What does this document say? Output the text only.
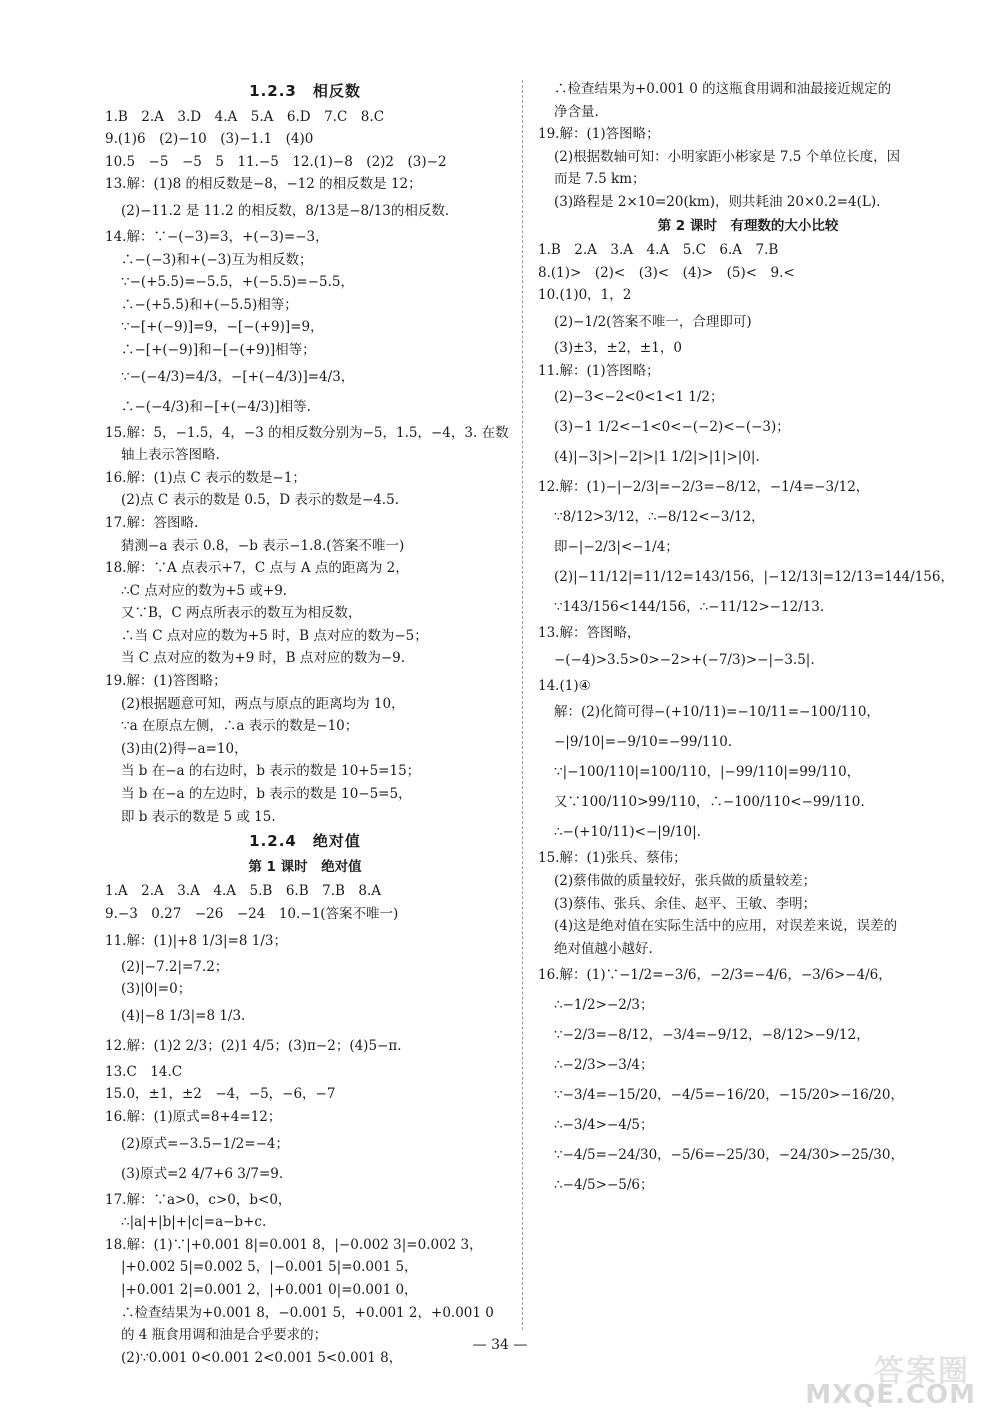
1.2.3　相反数
1.B　2.A　3.D　4.A　5.A　6.D　7.C　8.C
9.(1)6　(2)−10　(3)−1.1　(4)0
10.5　−5　−5　5　11.−5　12.(1)−8　(2)2　(3)−2
13.解：(1)8 的相反数是−8，−12 的相反数是 12；
(2)−11.2 是 11.2 的相反数，8/13是−8/13的相反数.
14.解：∵−(−3)=3，+(−3)=−3，
∴−(−3)和+(−3)互为相反数；
∵−(+5.5)=−5.5，+(−5.5)=−5.5，
∴−(+5.5)和+(−5.5)相等；
∵−[+(−9)]=9，−[−(+9)]=9，
∴−[+(−9)]和−[−(+9)]相等；
∵−(−4/3)=4/3，−[+(−4/3)]=4/3，
∴−(−4/3)和−[+(−4/3)]相等.
15.解：5，−1.5，4，−3 的相反数分别为−5，1.5，−4，3. 在数
轴上表示答图略.
16.解：(1)点 C 表示的数是−1；
(2)点 C 表示的数是 0.5，D 表示的数是−4.5.
17.解：答图略.
猜测−a 表示 0.8，−b 表示−1.8.(答案不唯一)
18.解：∵A 点表示+7，C 点与 A 点的距离为 2，
∴C 点对应的数为+5 或+9.
又∵B，C 两点所表示的数互为相反数，
∴当 C 点对应的数为+5 时，B 点对应的数为−5；
当 C 点对应的数为+9 时，B 点对应的数为−9.
19.解：(1)答图略；
(2)根据题意可知，两点与原点的距离均为 10，
∵a 在原点左侧，∴a 表示的数是−10；
(3)由(2)得−a=10，
当 b 在−a 的右边时，b 表示的数是 10+5=15；
当 b 在−a 的左边时，b 表示的数是 10−5=5，
即 b 表示的数是 5 或 15.
1.2.4　绝对值
第 1 课时　绝对值
1.A　2.A　3.A　4.A　5.B　6.B　7.B　8.A
9.−3　0.27　−26　−24　10.−1(答案不唯一)
11.解：(1)|+8 1/3|=8 1/3；
(2)|−7.2|=7.2；
(3)|0|=0；
(4)|−8 1/3|=8 1/3.
12.解：(1)2 2/3；(2)1 4/5；(3)π−2；(4)5−π.
13.C　14.C
15.0，±1，±2　−4，−5，−6，−7
16.解：(1)原式=8+4=12；
(2)原式=−3.5−1/2=−4；
(3)原式=2 4/7+6 3/7=9.
17.解：∵a>0，c>0，b<0，
∴|a|+|b|+|c|=a−b+c.
18.解：(1)∵|+0.001 8|=0.001 8，|−0.002 3|=0.002 3，
|+0.002 5|=0.002 5，|−0.001 5|=0.001 5，
|+0.001 2|=0.001 2，|+0.001 0|=0.001 0，
∴检查结果为+0.001 8，−0.001 5，+0.001 2，+0.001 0
的 4 瓶食用调和油是合乎要求的；
(2)∵0.001 0<0.001 2<0.001 5<0.001 8，
∴检查结果为+0.001 0 的这瓶食用调和油最接近规定的
净含量.
19.解：(1)答图略；
(2)根据数轴可知：小明家距小彬家是 7.5 个单位长度，因
而是 7.5 km；
(3)路程是 2×10=20(km)，则共耗油 20×0.2=4(L).
第 2 课时　有理数的大小比较
1.B　2.A　3.A　4.A　5.C　6.A　7.B
8.(1)>　(2)<　(3)<　(4)>　(5)<　9.<
10.(1)0，1，2
(2)−1/2(答案不唯一，合理即可)
(3)±3，±2，±1，0
11.解：(1)答图略；
(2)−3<−2<0<1<1 1/2；
(3)−1 1/2<−1<0<−(−2)<−(−3)；
(4)|−3|>|−2|>|1 1/2|>|1|>|0|.
12.解：(1)−|−2/3|=−2/3=−8/12，−1/4=−3/12，
∵8/12>3/12，∴−8/12<−3/12，
即−|−2/3|<−1/4；
(2)|−11/12|=11/12=143/156，|−12/13|=12/13=144/156，
∵143/156<144/156，∴−11/12>−12/13.
13.解：答图略，
−(−4)>3.5>0>−2>+(−7/3)>−|−3.5|.
14.(1)④
解：(2)化简可得−(+10/11)=−10/11=−100/110，
−|9/10|=−9/10=−99/110.
∵|−100/110|=100/110，|−99/110|=99/110，
又∵100/110>99/110，∴−100/110<−99/110.
∴−(+10/11)<−|9/10|.
15.解：(1)张兵、蔡伟；
(2)蔡伟做的质量较好，张兵做的质量较差；
(3)蔡伟、张兵、余佳、赵平、王敏、李明；
(4)这是绝对值在实际生活中的应用，对误差来说，误差的
绝对值越小越好.
16.解：(1)∵−1/2=−3/6，−2/3=−4/6，−3/6>−4/6，
∴−1/2>−2/3；
∵−2/3=−8/12，−3/4=−9/12，−8/12>−9/12，
∴−2/3>−3/4；
∵−3/4=−15/20，−4/5=−16/20，−15/20>−16/20，
∴−3/4>−4/5；
∵−4/5=−24/30，−5/6=−25/30，−24/30>−25/30，
∴−4/5>−5/6；
— 34 —
答案圈
MXQE.COM
